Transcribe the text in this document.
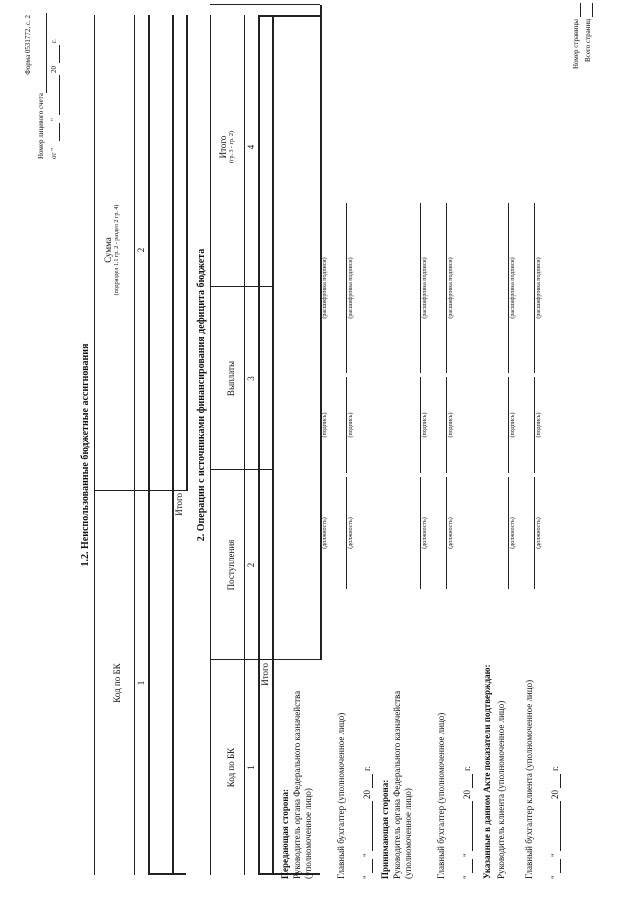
Форма 0531772, с. 2
Номер лицевого счета от "
"
20
г.
1.2. Неиспользованные бюджетные ассигнования
Код по БК
Сумма (подраздел 1.1 гр. 2 - раздел 2 гр. 4)
1
2
Итого 2. Операции с источниками финансирования дефицита бюджета
Код по БК
Поступления
Выплаты
Итого (гр. 3 - гр. 2)
1
2
3
4
Итого
Передающая сторона: Руководитель органа Федерального казначейства (уполномоченное лицо)
(должность)
(подпись)
(расшифровка подписи)
Главный бухгалтер (уполномоченное лицо)
(должность)
(подпись)
(расшифровка подписи)
"
"
20
г.
Принимающая сторона: Руководитель органа Федерального казначейства (уполномоченное лицо)
(должность)
(подпись)
(расшифровка подписи)
Главный бухгалтер (уполномоченное лицо)
(должность)
(подпись)
(расшифровка подписи)
"
"
20
г. Указанные в данном Акте показатели подтверждаю: Руководитель клиента (уполномоченное лицо)
(должность)
(подпись)
(расшифровка подписи)
Главный бухгалтер клиента (уполномоченное лицо)
(должность)
(подпись)
(расшифровка подписи)
"
"
20
г.
Номер страницы Всего страниц
